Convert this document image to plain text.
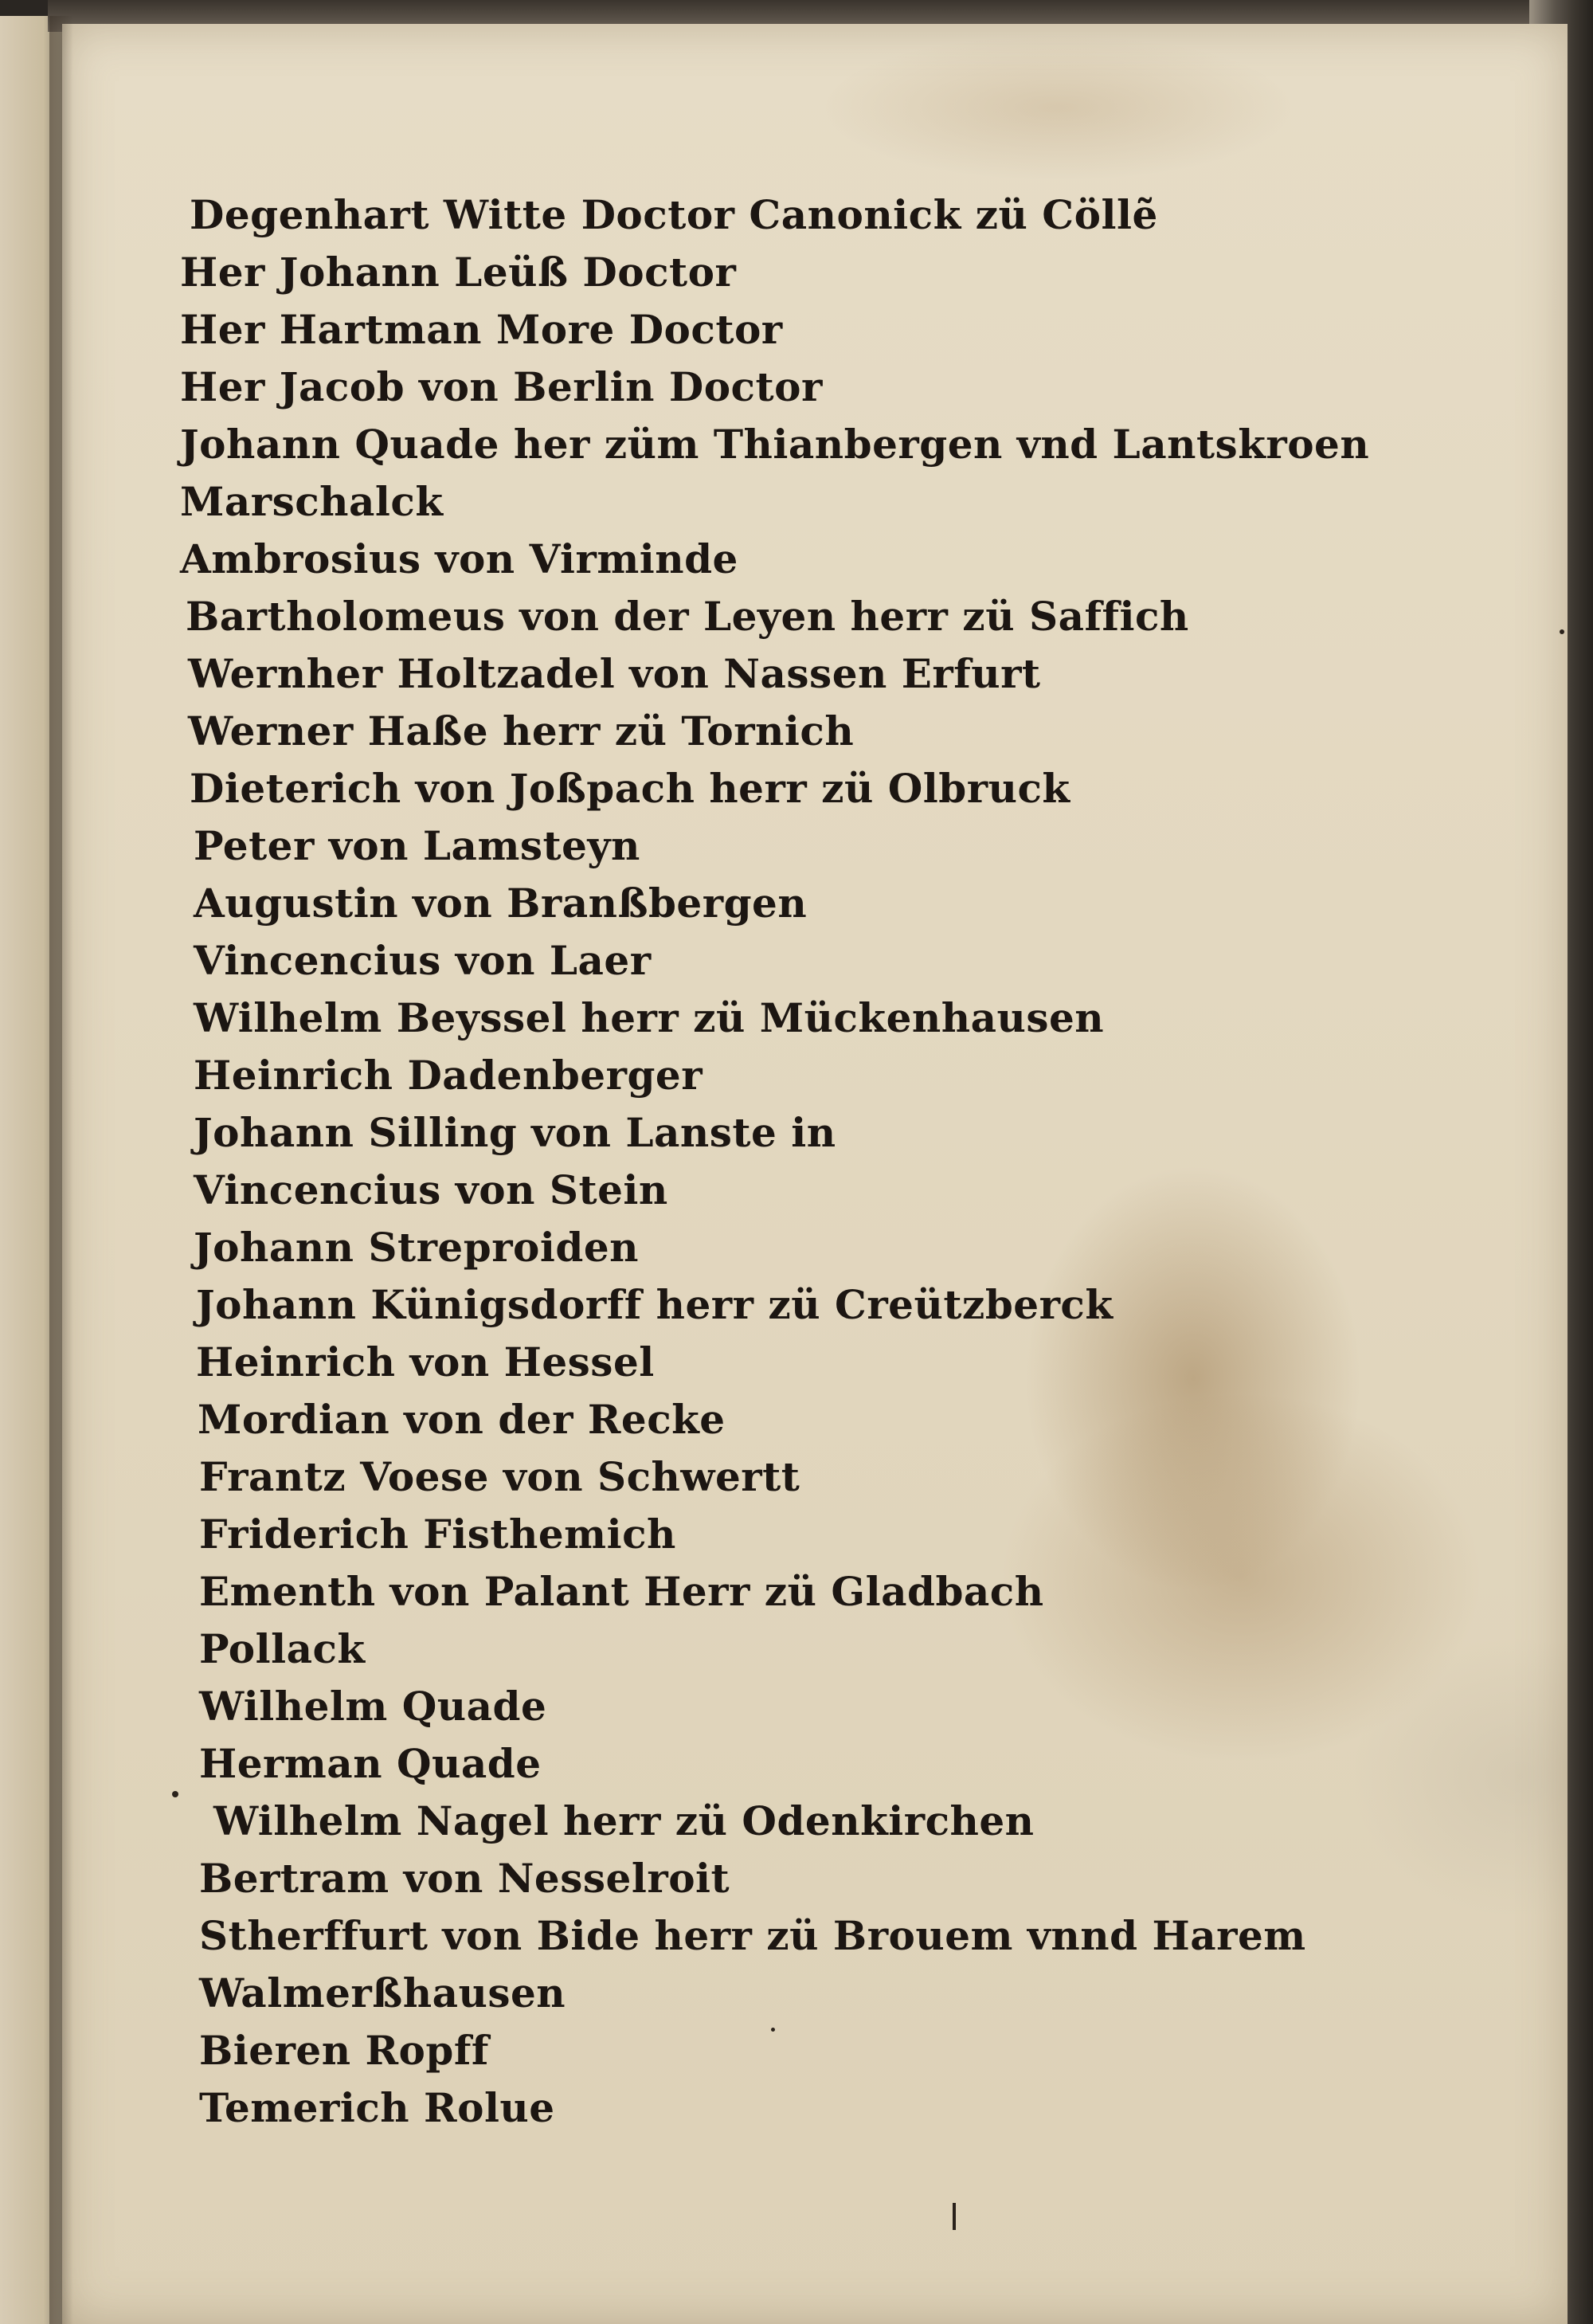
Degenhart Witte Doctor Canonick zü Cöllẽ
Her Johann Leüß Doctor
Her Hartman More Doctor
Her Jacob von Berlin Doctor
Johann Quade her züm Thianbergen vnd Lantskroen
Marschalck
Ambrosius von Virminde
Bartholomeus von der Leyen herr zü Saffich
Wernher Holtzadel von Nassen Erfurt
Werner Haße herr zü Tornich
Dieterich von Joßpach herr zü Olbruck
Peter von Lamsteyn
Augustin von Branßbergen
Vincencius von Laer
Wilhelm Beyssel herr zü Mückenhausen
Heinrich Dadenberger
Johann Silling von Lanste in
Vincencius von Stein
Johann Streproiden
Johann Künigsdorff herr zü Creützberck
Heinrich von Hessel
Mordian von der Recke
Frantz Voese von Schwertt
Friderich Fisthemich
Ementh von Palant Herr zü Gladbach
Pollack
Wilhelm Quade
Herman Quade
Wilhelm Nagel herr zü Odenkirchen
Bertram von Nesselroit
Stherffurt von Bide herr zü Brouem vnnd Harem
Walmerßhausen
Bieren Ropff
Temerich Rolue
